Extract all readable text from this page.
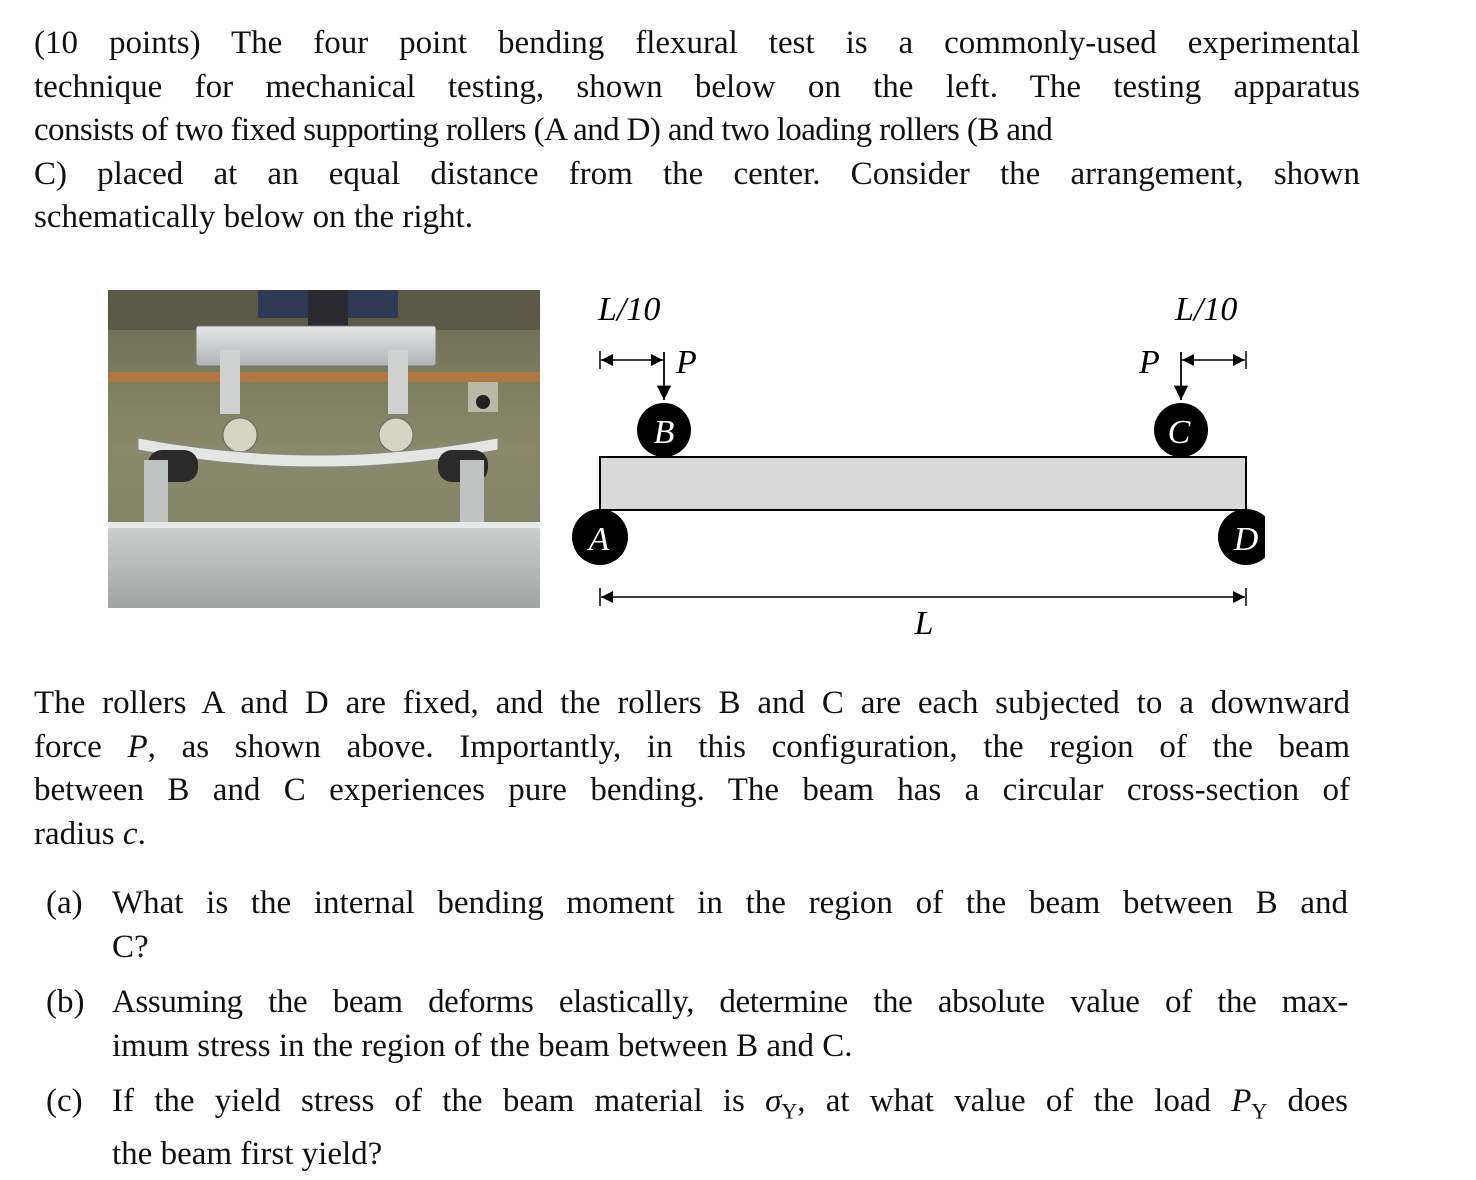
(10 points) The four point bending flexural test is a commonly-used experimental
technique for mechanical testing, shown below on the left. The testing apparatus
consists of two fixed supporting rollers (A and D) and two loading rollers (B and
C) placed at an equal distance from the center. Consider the arrangement, shown
schematically below on the right.
L/10	L/10
P	P
B	C
A	D
L
The rollers A and D are fixed, and the rollers B and C are each subjected to a downward
force P, as shown above. Importantly, in this configuration, the region of the beam
between B and C experiences pure bending. The beam has a circular cross-section of
radius c.
(a) What is the internal bending moment in the region of the beam between B and
C?
(b) Assuming the beam deforms elastically, determine the absolute value of the max-
imum stress in the region of the beam between B and C.
(c) If the yield stress of the beam material is $\sigma_Y$, at what value of the load $P_Y$ does
the beam first yield?
